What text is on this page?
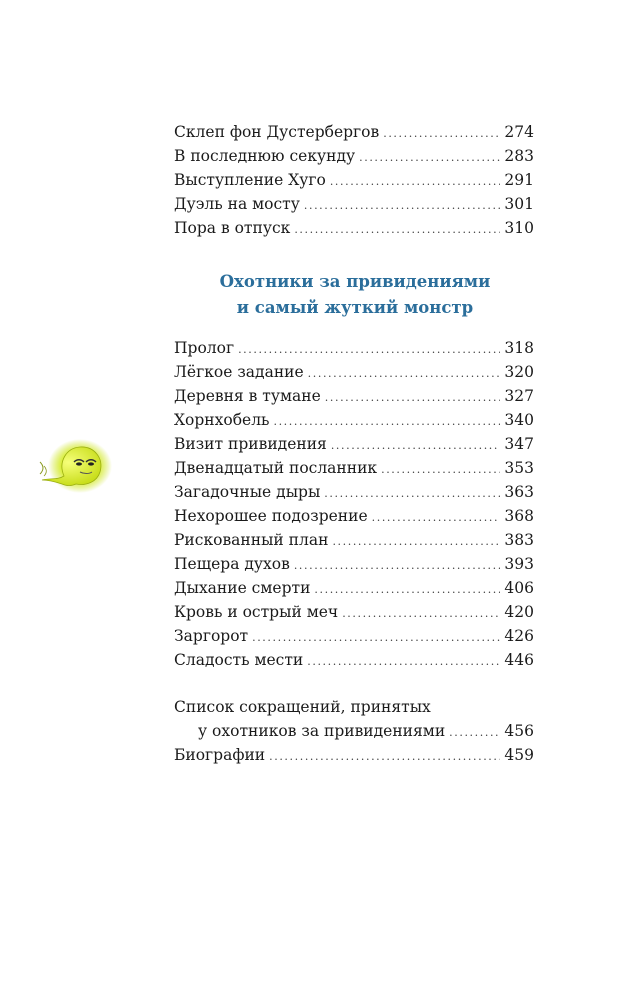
Склеп фон Дустербергов .....	274
В последнюю секунду .....	283
Выступление Хуго .....	291
Дуэль на мосту .....	301
Пора в отпуск .....	310
Охотники за привидениями
и самый жуткий монстр
Пролог .....	318
Лёгкое задание .....	320
Деревня в тумане .....	327
Хорнхобель .....	340
Визит привидения .....	347
Двенадцатый посланник .....	353
Загадочные дыры .....	363
Нехорошее подозрение .....	368
Рискованный план .....	383
Пещера духов .....	393
Дыхание смерти .....	406
Кровь и острый меч .....	420
Заргорот .....	426
Сладость мести .....	446
Список сокращений, принятых
у охотников за привидениями .....	456
Биографии .....	459
